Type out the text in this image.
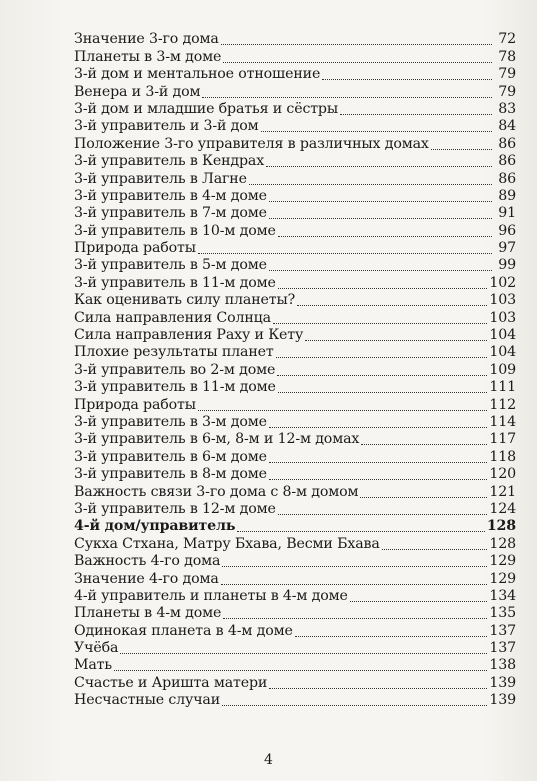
Значение 3-го дома	72
Планеты в 3-м доме	78
3-й дом и ментальное отношение	79
Венера и 3-й дом	79
3-й дом и младшие братья и сёстры	83
3-й управитель и 3-й дом	84
Положение 3-го управителя в различных домах	86
3-й управитель в Кендрах	86
3-й управитель в Лагне	86
3-й управитель в 4-м доме	89
3-й управитель в 7-м доме	91
3-й управитель в 10-м доме	96
Природа работы	97
3-й управитель в 5-м доме	99
3-й управитель в 11-м доме	102
Как оценивать силу планеты?	103
Сила направления Солнца	103
Сила направления Раху и Кету	104
Плохие результаты планет	104
3-й управитель во 2-м доме	109
3-й управитель в 11-м доме	111
Природа работы	112
3-й управитель в 3-м доме	114
3-й управитель в 6-м, 8-м и 12-м домах	117
3-й управитель в 6-м доме	118
3-й управитель в 8-м доме	120
Важность связи 3-го дома с 8-м домом	121
3-й управитель в 12-м доме	124
4-й дом/управитель	128
Сукха Стхана, Матру Бхава, Весми Бхава	128
Важность 4-го дома	129
Значение 4-го дома	129
4-й управитель и планеты в 4-м доме	134
Планеты в 4-м доме	135
Одинокая планета в 4-м доме	137
Учёба	137
Мать	138
Счастье и Ариштa матери	139
Несчастные случаи	139
4
